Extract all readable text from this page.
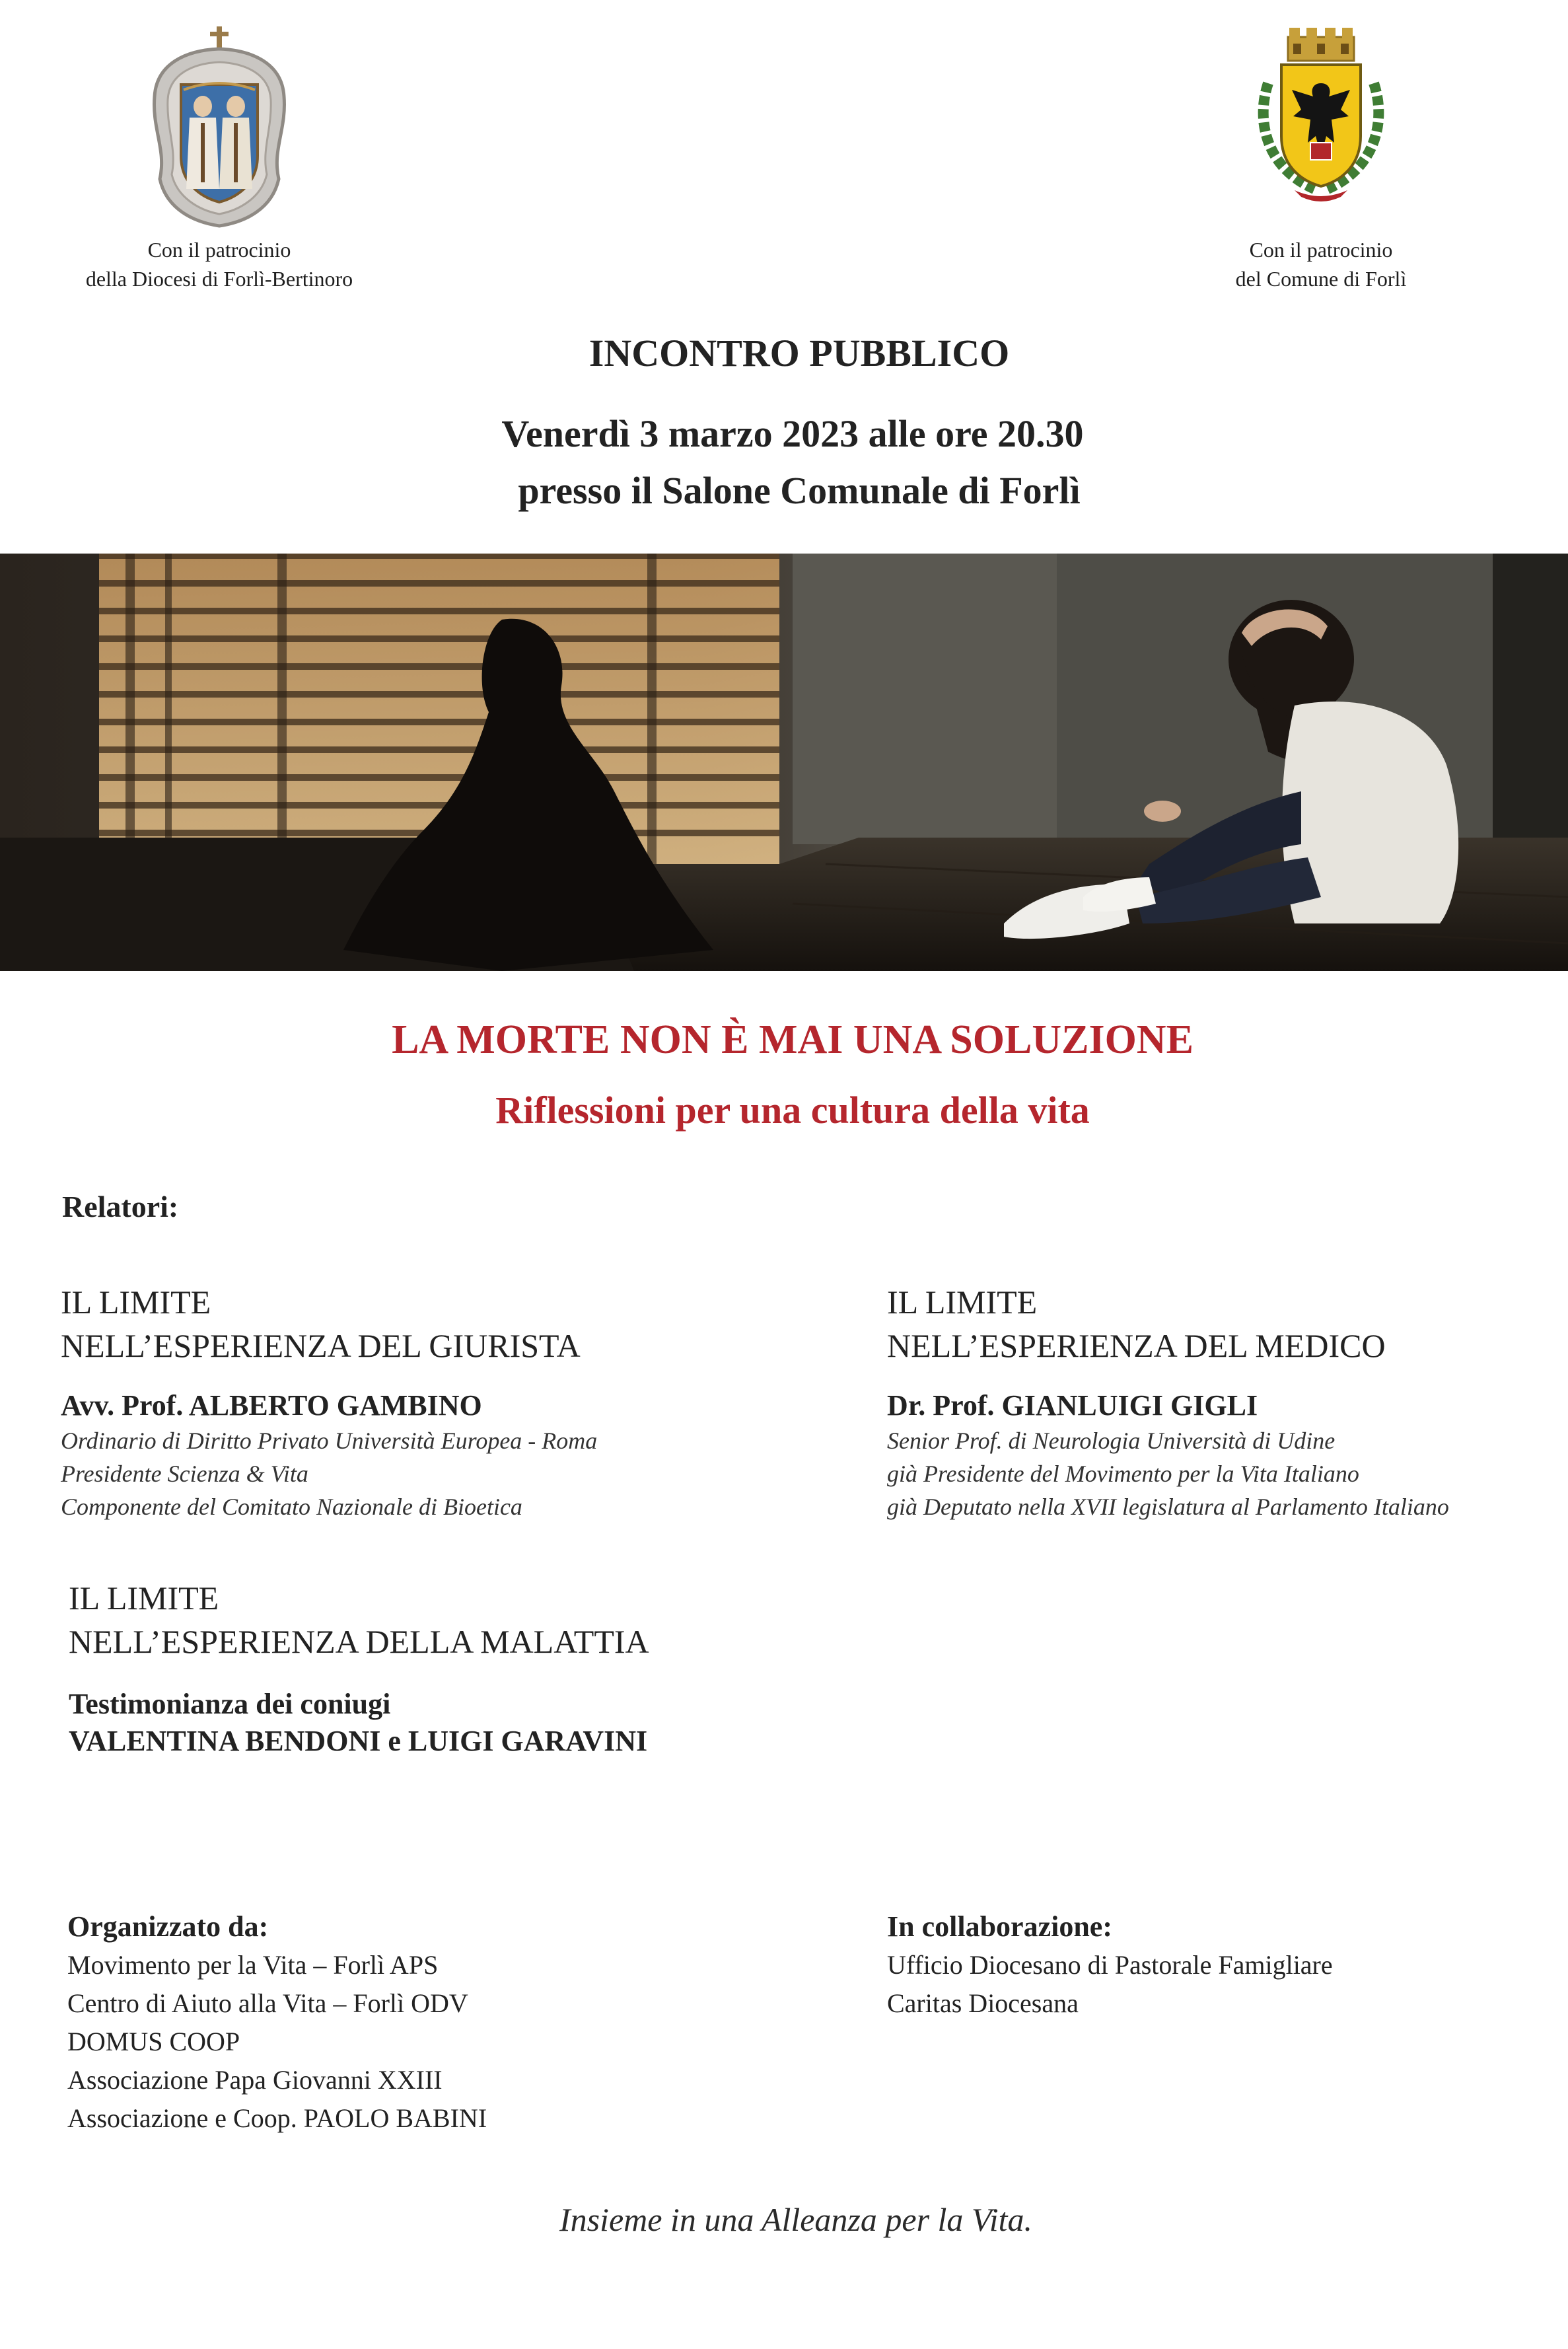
Con il patrocinio
della Diocesi di Forlì-Bertinoro
Con il patrocinio
del Comune di Forlì
INCONTRO PUBBLICO
Venerdì 3 marzo 2023 alle ore 20.30
presso il Salone Comunale di Forlì
LA MORTE NON È MAI UNA SOLUZIONE
Riflessioni per una cultura della vita
Relatori:
IL LIMITE
NELL’ESPERIENZA DEL GIURISTA
Avv. Prof. ALBERTO GAMBINO
Ordinario di Diritto Privato Università Europea - Roma
Presidente Scienza & Vita
Componente del Comitato Nazionale di Bioetica
IL LIMITE
NELL’ESPERIENZA DEL MEDICO
Dr. Prof. GIANLUIGI GIGLI
Senior Prof. di Neurologia Università di Udine
già Presidente del Movimento per la Vita Italiano
già Deputato nella XVII legislatura al Parlamento Italiano
IL LIMITE
NELL’ESPERIENZA DELLA MALATTIA
Testimonianza dei coniugi
VALENTINA BENDONI e LUIGI GARAVINI
Organizzato da:
Movimento per la Vita – Forlì APS
Centro di Aiuto alla Vita – Forlì ODV
DOMUS COOP
Associazione Papa Giovanni XXIII
Associazione e Coop. PAOLO BABINI
In collaborazione:
Ufficio Diocesano di Pastorale Famigliare
Caritas Diocesana
Insieme in una Alleanza per la Vita.
